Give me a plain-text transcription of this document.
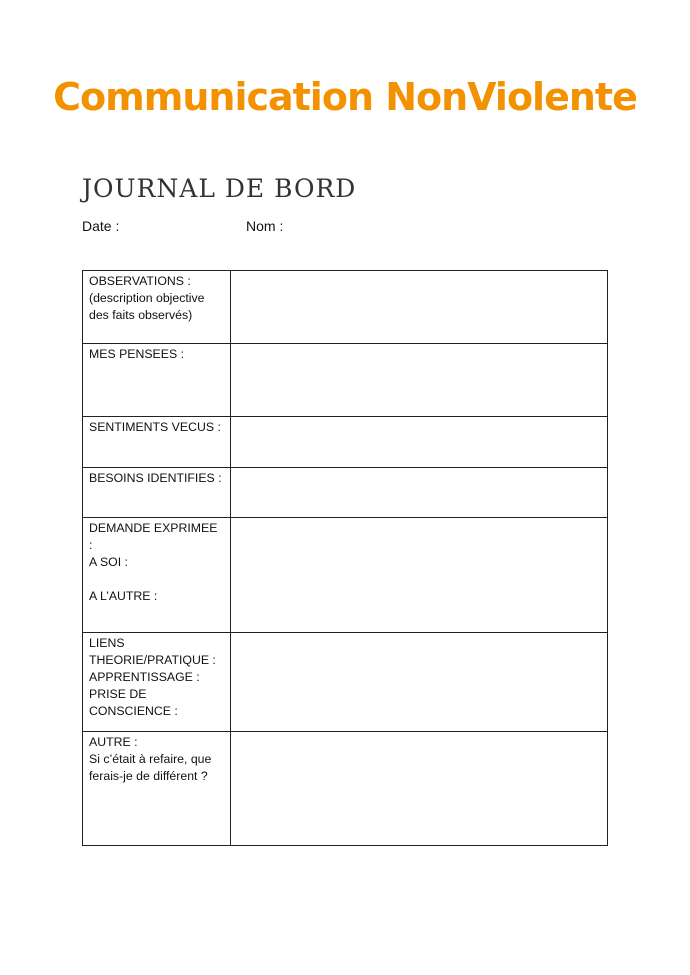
Communication NonViolente
JOURNAL DE BORD
Date :	Nom :
OBSERVATIONS :
(description objective
des faits observés)	

MES PENSEES :	

SENTIMENTS VECUS :	

BESOINS IDENTIFIES :	

DEMANDE EXPRIMEE :
A SOI :
A L’AUTRE :	

LIENS
THEORIE/PRATIQUE :
APPRENTISSAGE :
PRISE DE CONSCIENCE :	

AUTRE :
Si c’était à refaire, que
ferais-je de différent ?	
